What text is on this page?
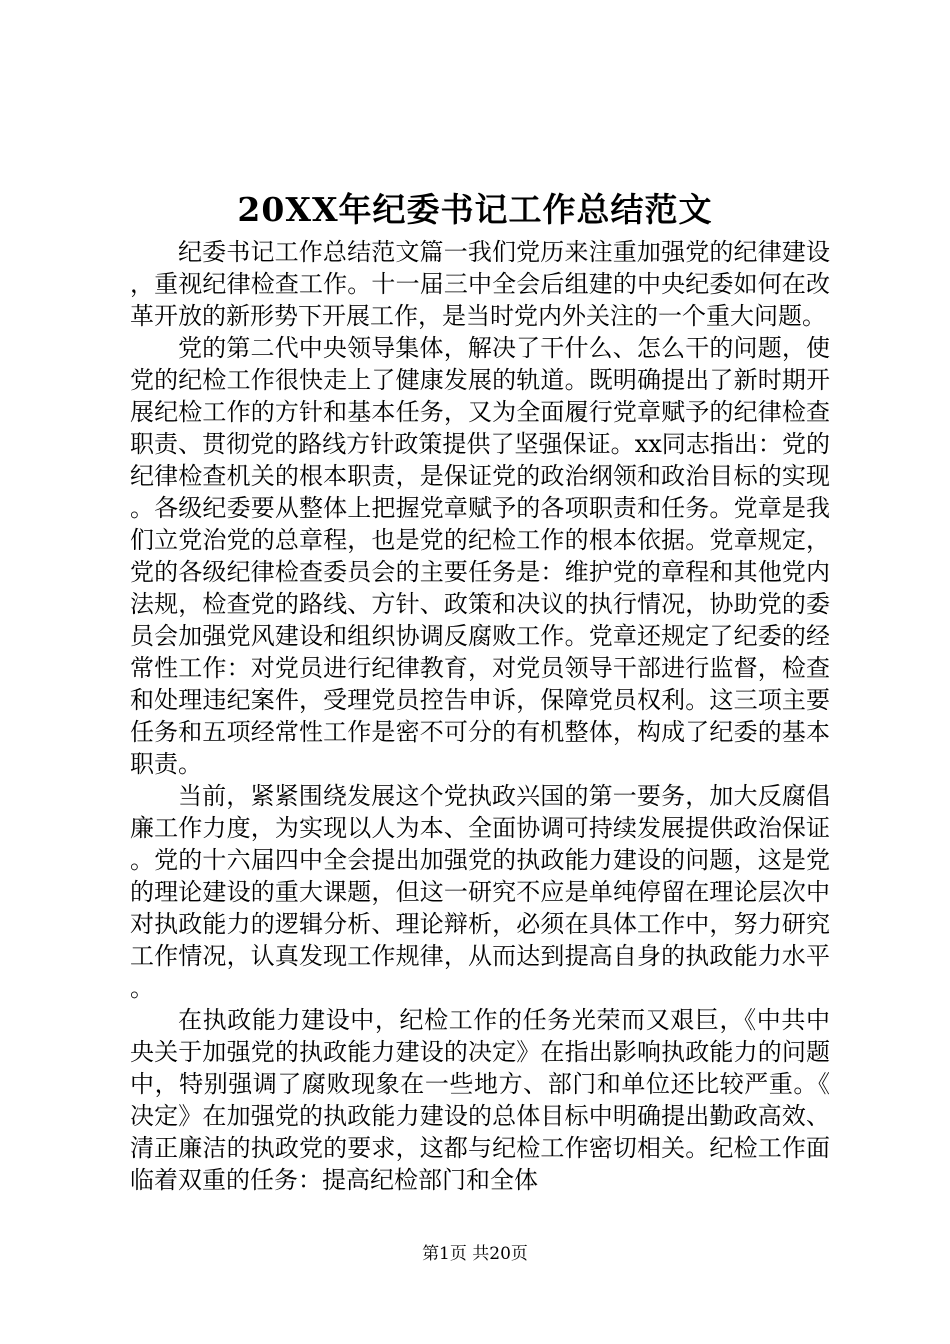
20XX年纪委书记工作总结范文

纪委书记工作总结范文篇一我们党历来注重加强党的纪律建设，重视纪律检查工作。十一届三中全会后组建的中央纪委如何在改革开放的新形势下开展工作，是当时党内外关注的一个重大问题。

党的第二代中央领导集体，解决了干什么、怎么干的问题，使党的纪检工作很快走上了健康发展的轨道。既明确提出了新时期开展纪检工作的方针和基本任务，又为全面履行党章赋予的纪律检查职责、贯彻党的路线方针政策提供了坚强保证。xx同志指出：党的纪律检查机关的根本职责，是保证党的政治纲领和政治目标的实现。各级纪委要从整体上把握党章赋予的各项职责和任务。党章是我们立党治党的总章程，也是党的纪检工作的根本依据。党章规定，党的各级纪律检查委员会的主要任务是：维护党的章程和其他党内法规，检查党的路线、方针、政策和决议的执行情况，协助党的委员会加强党风建设和组织协调反腐败工作。党章还规定了纪委的经常性工作：对党员进行纪律教育，对党员领导干部进行监督，检查和处理违纪案件，受理党员控告申诉，保障党员权利。这三项主要任务和五项经常性工作是密不可分的有机整体，构成了纪委的基本职责。

当前，紧紧围绕发展这个党执政兴国的第一要务，加大反腐倡廉工作力度，为实现以人为本、全面协调可持续发展提供政治保证。党的十六届四中全会提出加强党的执政能力建设的问题，这是党的理论建设的重大课题，但这一研究不应是单纯停留在理论层次中对执政能力的逻辑分析、理论辩析，必须在具体工作中，努力研究工作情况，认真发现工作规律，从而达到提高自身的执政能力水平。

在执政能力建设中，纪检工作的任务光荣而又艰巨，《中共中央关于加强党的执政能力建设的决定》在指出影响执政能力的问题中，特别强调了腐败现象在一些地方、部门和单位还比较严重。《决定》在加强党的执政能力建设的总体目标中明确提出勤政高效、清正廉洁的执政党的要求，这都与纪检工作密切相关。纪检工作面临着双重的任务：提高纪检部门和全体

第1页 共20页
